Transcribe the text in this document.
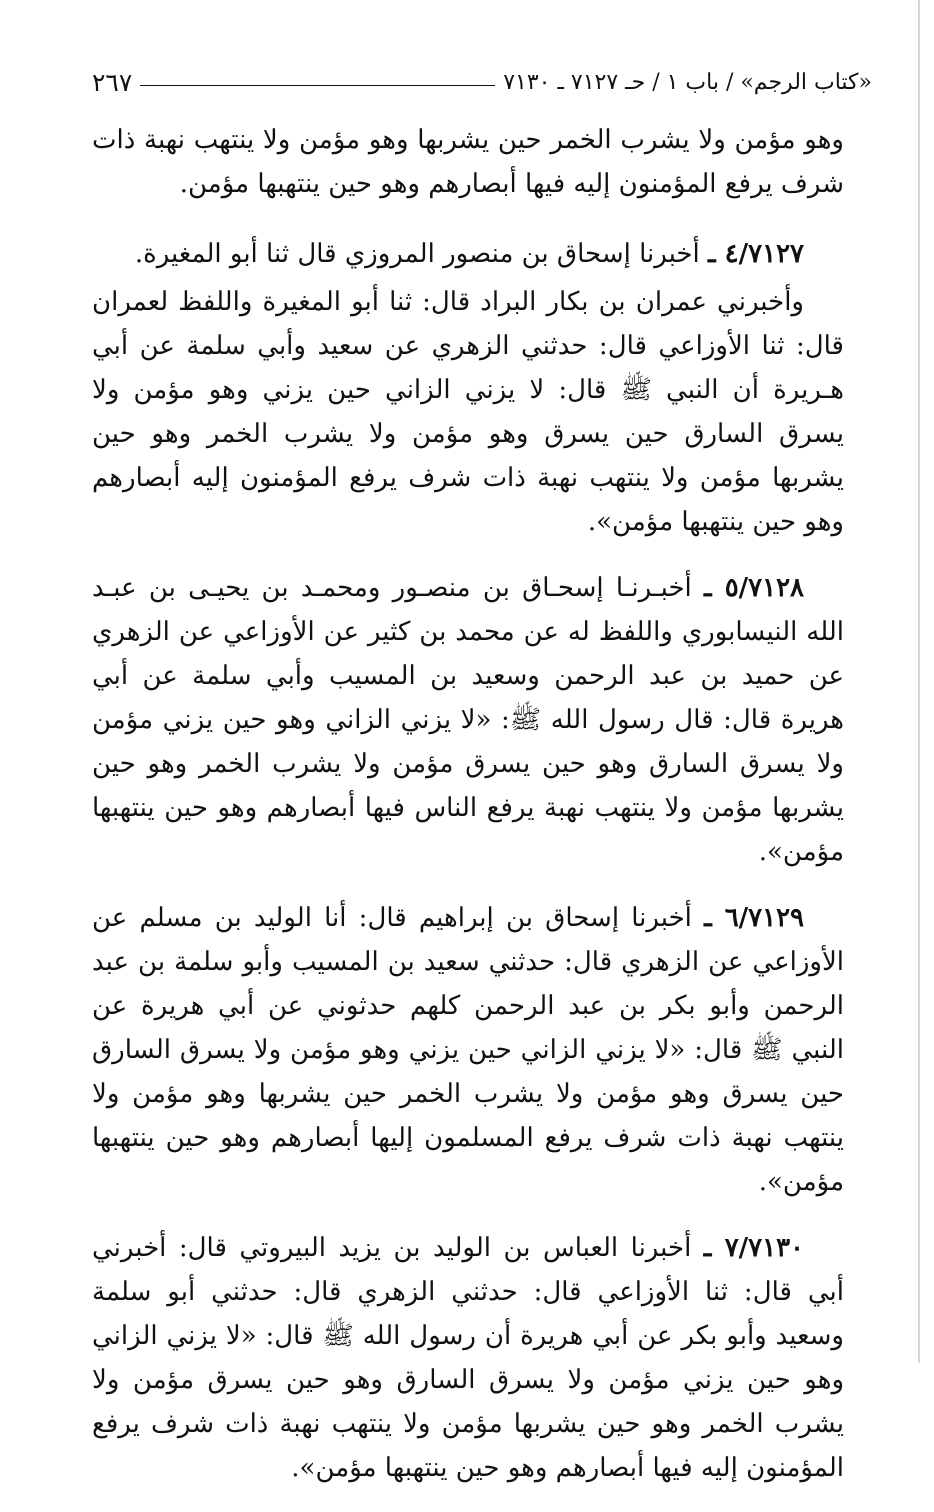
٢٦٧	«كتاب الرجم» / باب ١ / حـ ٧١٢٧ ـ ٧١٣٠

وهو مؤمن ولا يشرب الخمر حين يشربها وهو مؤمن ولا ينتهب نهبة ذات شرف يرفع المؤمنون إليه فيها أبصارهم وهو حين ينتهبها مؤمن.

٤/٧١٢٧ ـ أخبرنا إسحاق بن منصور المروزي قال ثنا أبو المغيرة.

وأخبرني عمران بن بكار البراد قال: ثنا أبو المغيرة واللفظ لعمران قال: ثنا الأوزاعي قال: حدثني الزهري عن سعيد وأبي سلمة عن أبي هـريرة أن النبي ﷺ قال: لا يزني الزاني حين يزني وهو مؤمن ولا يسرق السارق حين يسرق وهو مؤمن ولا يشرب الخمر وهو حين يشربها مؤمن ولا ينتهب نهبة ذات شرف يرفع المؤمنون إليه أبصارهم وهو حين ينتهبها مؤمن».

٥/٧١٢٨ ـ أخبـرنـا إسحـاق بن منصـور ومحمـد بن يحيـى بن عبـد الله النيسابوري واللفظ له عن محمد بن كثير عن الأوزاعي عن الزهري عن حميد بن عبد الرحمن وسعيد بن المسيب وأبي سلمة عن أبي هريرة قال: قال رسول الله ﷺ: «لا يزني الزاني وهو حين يزني مؤمن ولا يسرق السارق وهو حين يسرق مؤمن ولا يشرب الخمر وهو حين يشربها مؤمن ولا ينتهب نهبة يرفع الناس فيها أبصارهم وهو حين ينتهبها مؤمن».

٦/٧١٢٩ ـ أخبرنا إسحاق بن إبراهيم قال: أنا الوليد بن مسلم عن الأوزاعي عن الزهري قال: حدثني سعيد بن المسيب وأبو سلمة بن عبد الرحمن وأبو بكر بن عبد الرحمن كلهم حدثوني عن أبي هريرة عن النبي ﷺ قال: «لا يزني الزاني حين يزني وهو مؤمن ولا يسرق السارق حين يسرق وهو مؤمن ولا يشرب الخمر حين يشربها وهو مؤمن ولا ينتهب نهبة ذات شرف يرفع المسلمون إليها أبصارهم وهو حين ينتهبها مؤمن».

٧/٧١٣٠ ـ أخبرنا العباس بن الوليد بن يزيد البيروتي قال: أخبرني أبي قال: ثنا الأوزاعي قال: حدثني الزهري قال: حدثني أبو سلمة وسعيد وأبو بكر عن أبي هريرة أن رسول الله ﷺ قال: «لا يزني الزاني وهو حين يزني مؤمن ولا يسرق السارق وهو حين يسرق مؤمن ولا يشرب الخمر وهو حين يشربها مؤمن ولا ينتهب نهبة ذات شرف يرفع المؤمنون إليه فيها أبصارهم وهو حين ينتهبها مؤمن».
